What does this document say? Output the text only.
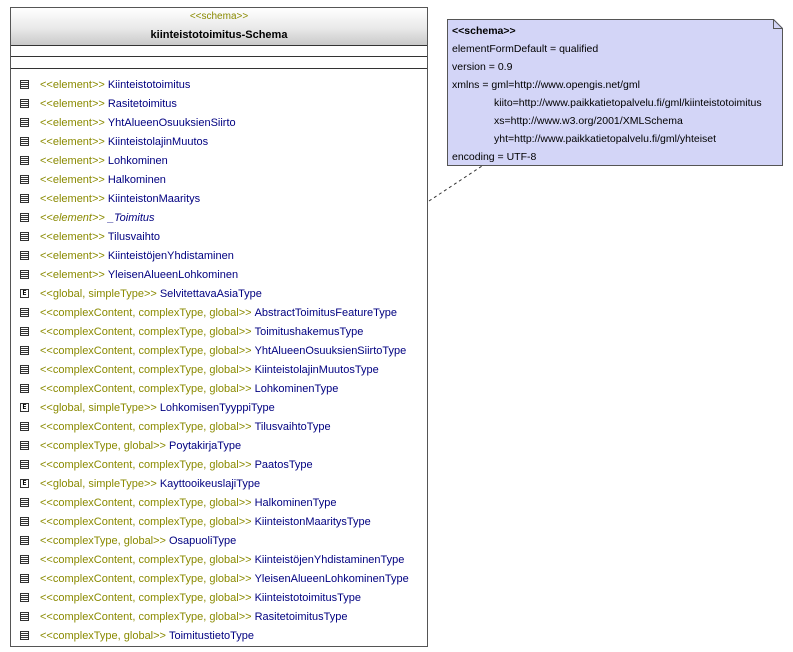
<<schema>>
kiinteistotoimitus-Schema
<<element>> Kiinteistotoimitus
<<element>> Rasitetoimitus
<<element>> YhtAlueenOsuuksienSiirto
<<element>> KiinteistolajinMuutos
<<element>> Lohkominen
<<element>> Halkominen
<<element>> KiinteistonMaaritys
<<element>> _Toimitus
<<element>> Tilusvaihto
<<element>> KiinteistöjenYhdistaminen
<<element>> YleisenAlueenLohkominen
E <<global, simpleType>> SelvitettavaAsiaType
<<complexContent, complexType, global>> AbstractToimitusFeatureType
<<complexContent, complexType, global>> ToimitushakemusType
<<complexContent, complexType, global>> YhtAlueenOsuuksienSiirtoType
<<complexContent, complexType, global>> KiinteistolajinMuutosType
<<complexContent, complexType, global>> LohkominenType
E <<global, simpleType>> LohkomisenTyyppiType
<<complexContent, complexType, global>> TilusvaihtoType
<<complexType, global>> PoytakirjaType
<<complexContent, complexType, global>> PaatosType
E <<global, simpleType>> KayttooikeuslajiType
<<complexContent, complexType, global>> HalkominenType
<<complexContent, complexType, global>> KiinteistonMaaritysType
<<complexType, global>> OsapuoliType
<<complexContent, complexType, global>> KiinteistöjenYhdistaminenType
<<complexContent, complexType, global>> YleisenAlueenLohkominenType
<<complexContent, complexType, global>> KiinteistotoimitusType
<<complexContent, complexType, global>> RasitetoimitusType
<<complexType, global>> ToimitustietoType
<<schema>>
elementFormDefault = qualified
version = 0.9
xmlns = gml=http://www.opengis.net/gml
kiito=http://www.paikkatietopalvelu.fi/gml/kiinteistotoimitus
xs=http://www.w3.org/2001/XMLSchema
yht=http://www.paikkatietopalvelu.fi/gml/yhteiset
encoding = UTF-8
